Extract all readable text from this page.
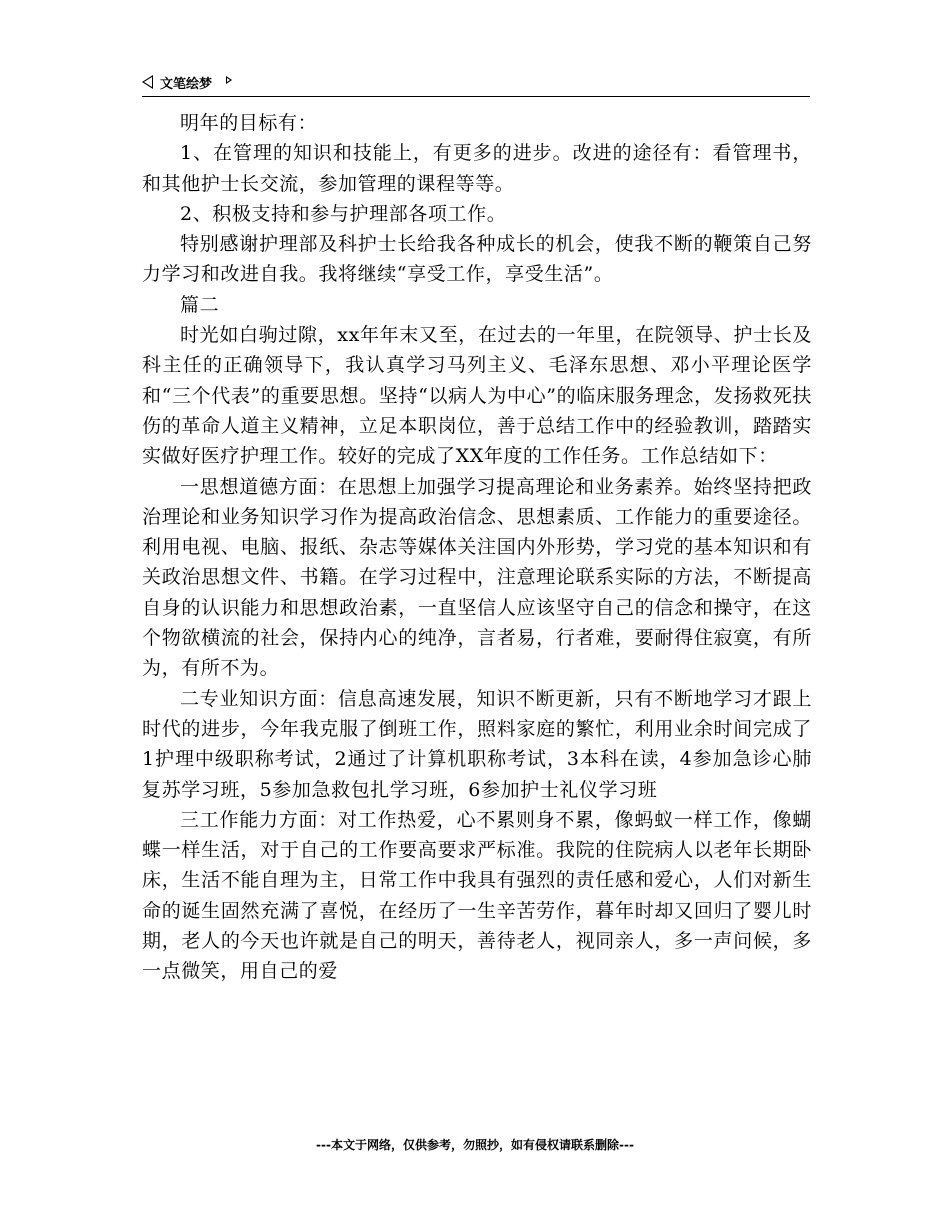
文笔绘梦

明年的目标有：

1、在管理的知识和技能上，有更多的进步。改进的途径有：看管理书，和其他护士长交流，参加管理的课程等等。

2、积极支持和参与护理部各项工作。

特别感谢护理部及科护士长给我各种成长的机会，使我不断的鞭策自己努力学习和改进自我。我将继续“享受工作，享受生活”。

篇二

时光如白驹过隙，xx年年末又至，在过去的一年里，在院领导、护士长及科主任的正确领导下，我认真学习马列主义、毛泽东思想、邓小平理论医学和“三个代表”的重要思想。坚持“以病人为中心”的临床服务理念，发扬救死扶伤的革命人道主义精神，立足本职岗位，善于总结工作中的经验教训，踏踏实实做好医疗护理工作。较好的完成了XX年度的工作任务。工作总结如下：

一思想道德方面：在思想上加强学习提高理论和业务素养。始终坚持把政治理论和业务知识学习作为提高政治信念、思想素质、工作能力的重要途径。利用电视、电脑、报纸、杂志等媒体关注国内外形势，学习党的基本知识和有关政治思想文件、书籍。在学习过程中，注意理论联系实际的方法，不断提高自身的认识能力和思想政治素，一直坚信人应该坚守自己的信念和操守，在这个物欲横流的社会，保持内心的纯净，言者易，行者难，要耐得住寂寞，有所为，有所不为。

二专业知识方面：信息高速发展，知识不断更新，只有不断地学习才跟上时代的进步，今年我克服了倒班工作，照料家庭的繁忙，利用业余时间完成了1护理中级职称考试，2通过了计算机职称考试，3本科在读，4参加急诊心肺复苏学习班，5参加急救包扎学习班，6参加护士礼仪学习班

三工作能力方面：对工作热爱，心不累则身不累，像蚂蚁一样工作，像蝴蝶一样生活，对于自己的工作要高要求严标准。我院的住院病人以老年长期卧床，生活不能自理为主，日常工作中我具有强烈的责任感和爱心，人们对新生命的诞生固然充满了喜悦，在经历了一生辛苦劳作，暮年时却又回归了婴儿时期，老人的今天也许就是自己的明天，善待老人，视同亲人，多一声问候，多一点微笑，用自己的爱

---本文于网络，仅供参考，勿照抄，如有侵权请联系删除---
